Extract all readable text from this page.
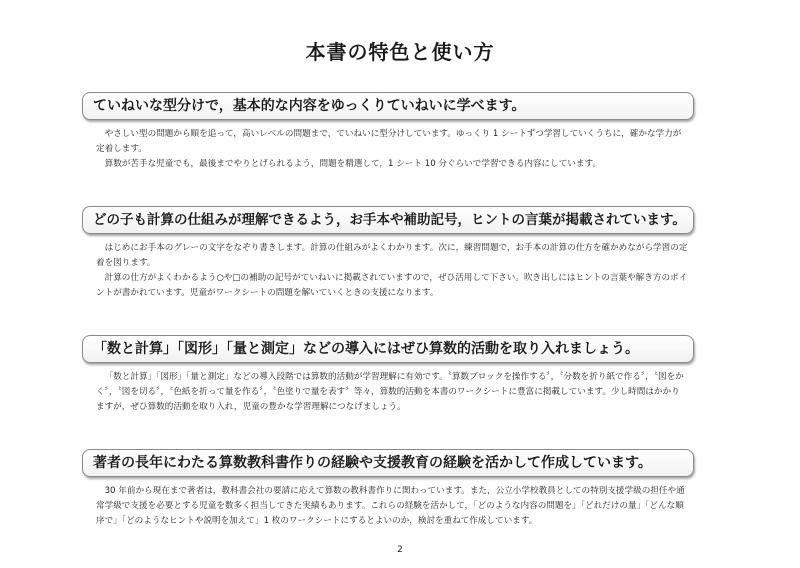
本書の特色と使い方
ていねいな型分けで，基本的な内容をゆっくりていねいに学べます。

やさしい型の問題から順を追って，高いレベルの問題まで，ていねいに型分けしています。ゆっくり 1 シートずつ学習していくうちに，確かな学力が定着します。

算数が苦手な児童でも，最後までやりとげられるよう，問題を精選して，1 シート 10 分ぐらいで学習できる内容にしています。

どの子も計算の仕組みが理解できるよう，お手本や補助記号，ヒントの言葉が掲載されています。

はじめにお手本のグレーの文字をなぞり書きします。計算の仕組みがよくわかります。次に，練習問題で，お手本の計算の仕方を確かめながら学習の定着を図ります。

計算の仕方がよくわかるよう○や□の補助の記号がていねいに掲載されていますので，ぜひ活用して下さい。吹き出しにはヒントの言葉や解き方のポイントが書かれています。児童がワークシートの問題を解いていくときの支援になります。

「数と計算」「図形」「量と測定」などの導入にはぜひ算数的活動を取り入れましょう。

「数と計算」「図形」「量と測定」などの導入段階では算数的活動が学習理解に有効です。〝算数ブロックを操作する〞，〝分数を折り紙で作る〞，〝図をかく〞，〝図を切る〞，〝色紙を折って量を作る〞，〝色塗りで量を表す〞等々，算数的活動を本書のワークシートに豊富に掲載しています。少し時間はかかりますが，ぜひ算数的活動を取り入れ，児童の豊かな学習理解につなげましょう。

著者の長年にわたる算数教科書作りの経験や支援教育の経験を活かして作成しています。

30 年前から現在まで著者は，教科書会社の要請に応えて算数の教科書作りに関わっています。また，公立小学校教員としての特別支援学級の担任や通常学級で支援を必要とする児童を数多く担当してきた実績もあります。これらの経験を活かして，「どのような内容の問題を」「どれだけの量」「どんな順序で」「どのようなヒントや説明を加えて」1 枚のワークシートにするとよいのか，検討を重ねて作成しています。

2
